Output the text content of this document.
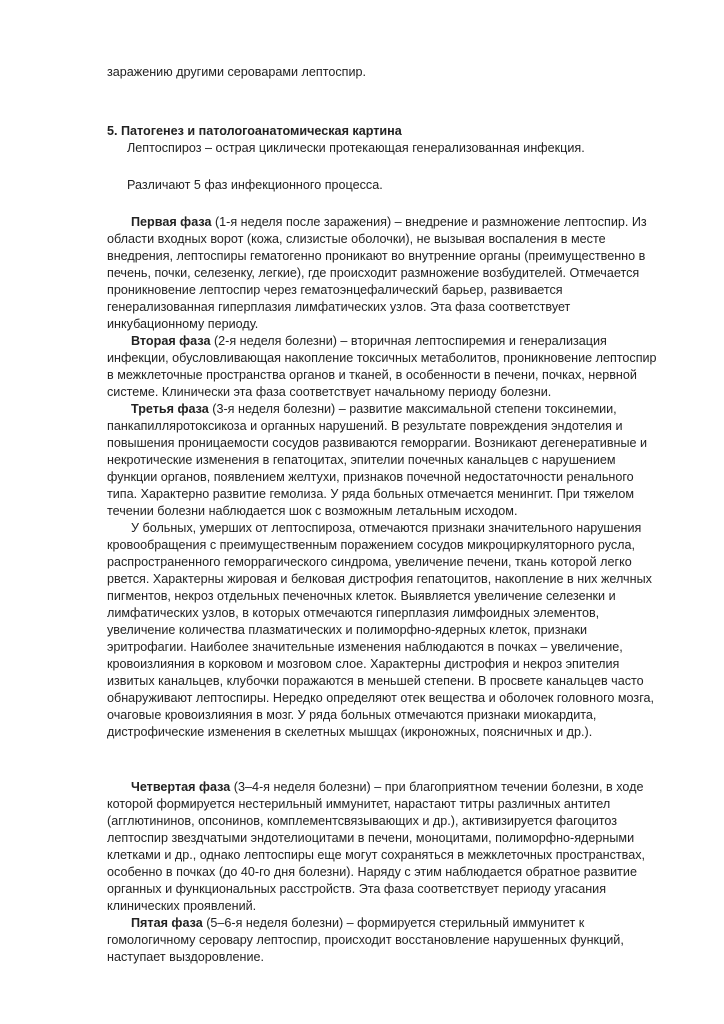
заражению другими сероварами лептоспир.
5. Патогенез и патологоанатомическая картина
Лептоспироз – острая циклически протекающая генерализованная инфекция.
Различают 5 фаз инфекционного процесса.
Первая фаза (1-я неделя после заражения) – внедрение и размножение лептоспир. Из
области входных ворот (кожа, слизистые оболочки), не вызывая воспаления в месте
внедрения, лептоспиры гематогенно проникают во внутренние органы (преимущественно в
печень, почки, селезенку, легкие), где происходит размножение возбудителей. Отмечается
проникновение лептоспир через гематоэнцефалический барьер, развивается
генерализованная гиперплазия лимфатических узлов. Эта фаза соответствует
инкубационному периоду.
Вторая фаза (2-я неделя болезни) – вторичная лептоспиремия и генерализация
инфекции, обусловливающая накопление токсичных метаболитов, проникновение лептоспир
в межклеточные пространства органов и тканей, в особенности в печени, почках, нервной
системе. Клинически эта фаза соответствует начальному периоду болезни.
Третья фаза (3-я неделя болезни) – развитие максимальной степени токсинемии,
панкапилляротоксикоза и органных нарушений. В результате повреждения эндотелия и
повышения проницаемости сосудов развиваются геморрагии. Возникают дегенеративные и
некротические изменения в гепатоцитах, эпителии почечных канальцев с нарушением
функции органов, появлением желтухи, признаков почечной недостаточности ренального
типа. Характерно развитие гемолиза. У ряда больных отмечается менингит. При тяжелом
течении болезни наблюдается шок с возможным летальным исходом.
У больных, умерших от лептоспироза, отмечаются признаки значительного нарушения
кровообращения с преимущественным поражением сосудов микроциркуляторного русла,
распространенного геморрагического синдрома, увеличение печени, ткань которой легко
рвется. Характерны жировая и белковая дистрофия гепатоцитов, накопление в них желчных
пигментов, некроз отдельных печеночных клеток. Выявляется увеличение селезенки и
лимфатических узлов, в которых отмечаются гиперплазия лимфоидных элементов,
увеличение количества плазматических и полиморфно-ядерных клеток, признаки
эритрофагии. Наиболее значительные изменения наблюдаются в почках – увеличение,
кровоизлияния в корковом и мозговом слое. Характерны дистрофия и некроз эпителия
извитых канальцев, клубочки поражаются в меньшей степени. В просвете канальцев часто
обнаруживают лептоспиры. Нередко определяют отек вещества и оболочек головного мозга,
очаговые кровоизлияния в мозг. У ряда больных отмечаются признаки миокардита,
дистрофические изменения в скелетных мышцах (икроножных, поясничных и др.).
Четвертая фаза (3–4-я неделя болезни) – при благоприятном течении болезни, в ходе
которой формируется нестерильный иммунитет, нарастают титры различных антител
(агглютининов, опсонинов, комплементсвязывающих и др.), активизируется фагоцитоз
лептоспир звездчатыми эндотелиоцитами в печени, моноцитами, полиморфно-ядерными
клетками и др., однако лептоспиры еще могут сохраняться в межклеточных пространствах,
особенно в почках (до 40-го дня болезни). Наряду с этим наблюдается обратное развитие
органных и функциональных расстройств. Эта фаза соответствует периоду угасания
клинических проявлений.
Пятая фаза (5–6-я неделя болезни) – формируется стерильный иммунитет к
гомологичному серовару лептоспир, происходит восстановление нарушенных функций,
наступает выздоровление.
